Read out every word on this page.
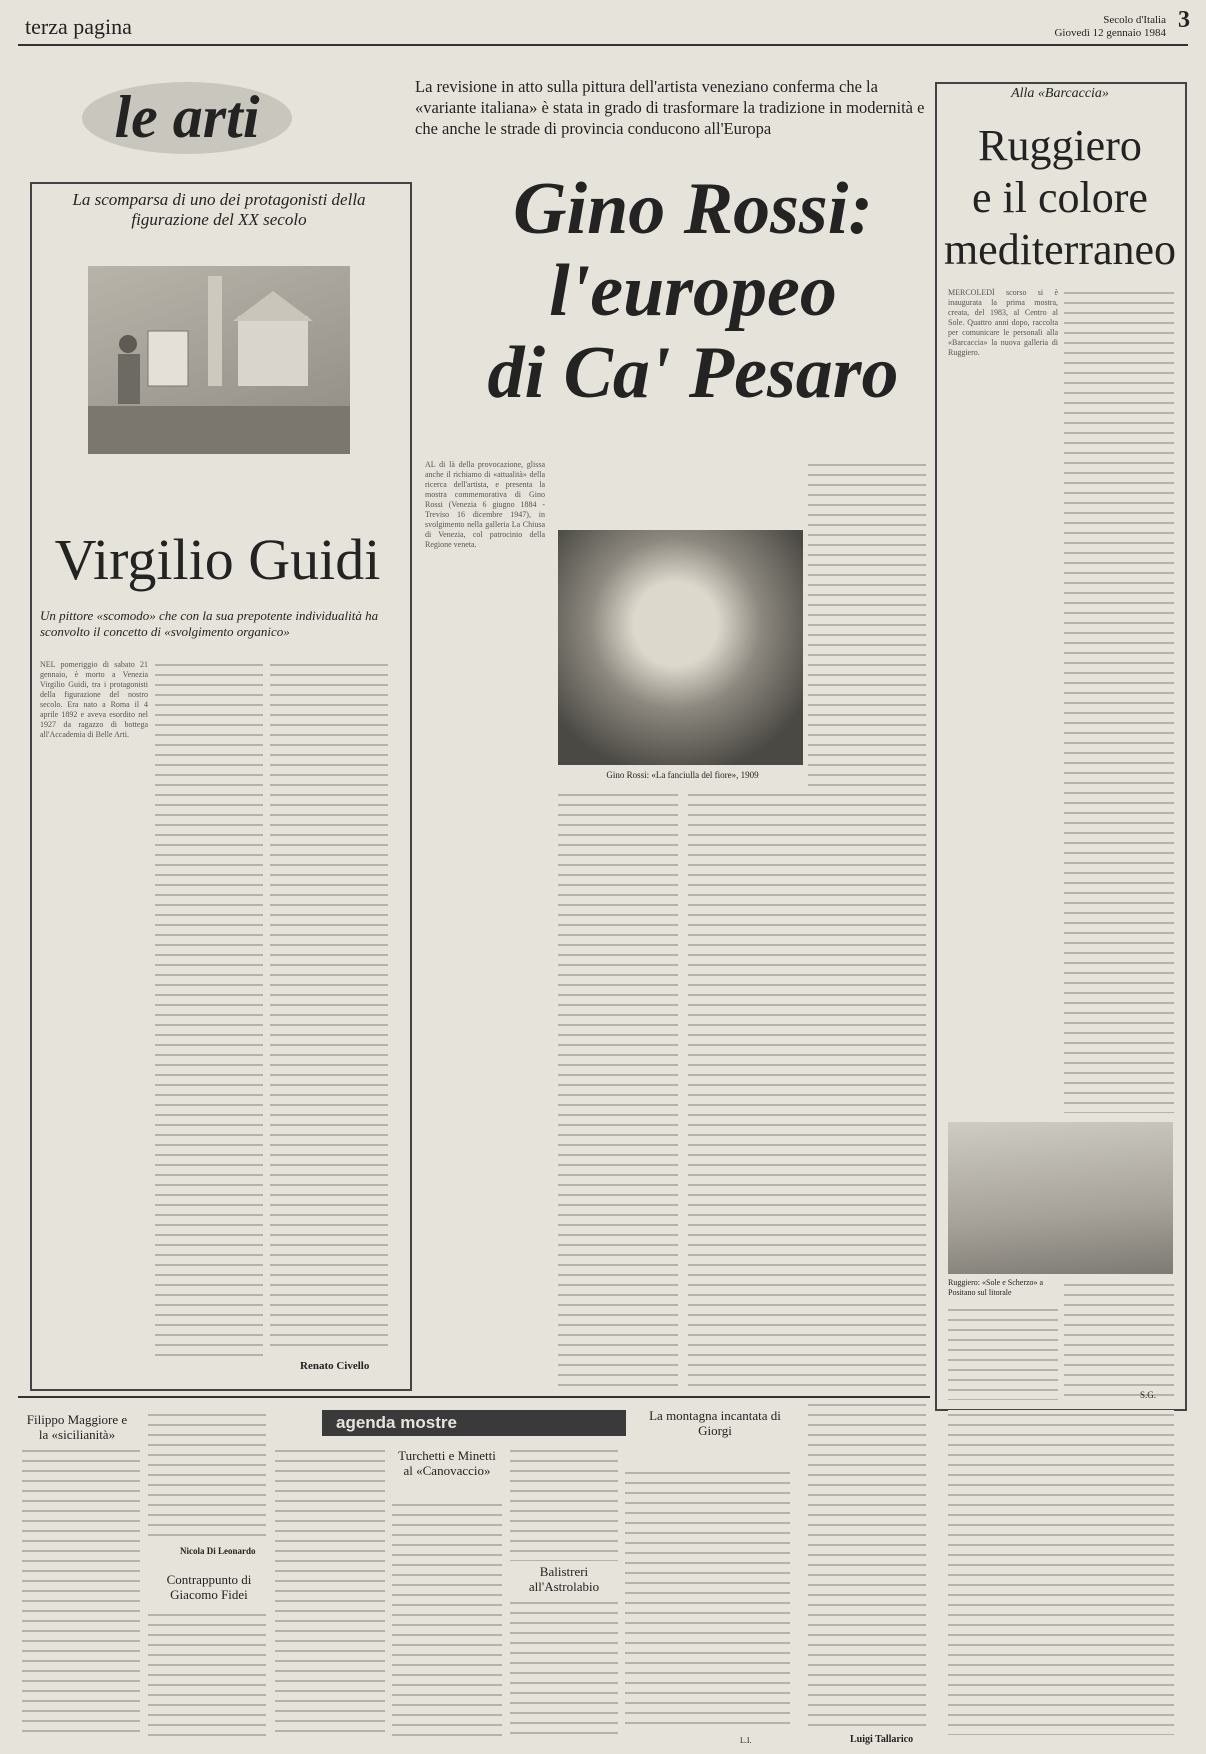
terza pagina	Secolo d'Italia
Giovedì 12 gennaio 1984 3
le arti	La revisione in atto sulla pittura dell'artista veneziano conferma che la «variante italiana» è stata in grado di trasformare la tradizione in modernità e che anche le strade di provincia conducono all'Europa
La scomparsa di uno dei protagonisti della figurazione del XX secolo
Virgilio Guidi
Un pittore «scomodo» che con la sua prepotente individualità ha sconvolto il concetto di «svolgimento organico»

NEL pomeriggio di sabato 21 gennaio, è morto a Venezia Virgilio Guidi, tra i protagonisti della figurazione del nostro secolo. Era nato a Roma il 4 aprile 1892 e aveva esordito nel 1927 da ragazzo di bottega all'Accademia di Belle Arti.

Renato Civello
Gino Rossi:
l'europeo
di Ca' Pesaro

AL di là della provocazione, glissa anche il richiamo di «attualità» della ricerca dell'artista, e presenta la mostra commemorativa di Gino Rossi (Venezia 6 giugno 1884 - Treviso 16 dicembre 1947), in svolgimento nella galleria La Chiusa di Venezia, col patrocinio della Regione veneta.

Gino Rossi: «La fanciulla del fiore», 1909
Alla «Barcaccia»
Ruggiero
e il colore
mediterraneo

MERCOLEDÌ scorso si è inaugurata la prima mostra, creata, del 1983, al Centro al Sole. Quattro anni dopo, raccolta per comunicare le personali alla «Barcaccia» la nuova galleria di Ruggiero.

Ruggiero: «Sole e Scherzo» a Positano sul litorale
S.G.
Filippo Maggiore e la «sicilianità»
Nicola Di Leonardo
Contrappunto di Giacomo Fidei
agenda mostre
Turchetti e Minetti al «Canovaccio»
Balistreri all'Astrolabio
La montagna incantata di Giorgi
L.I.	Luigi Tallarico
